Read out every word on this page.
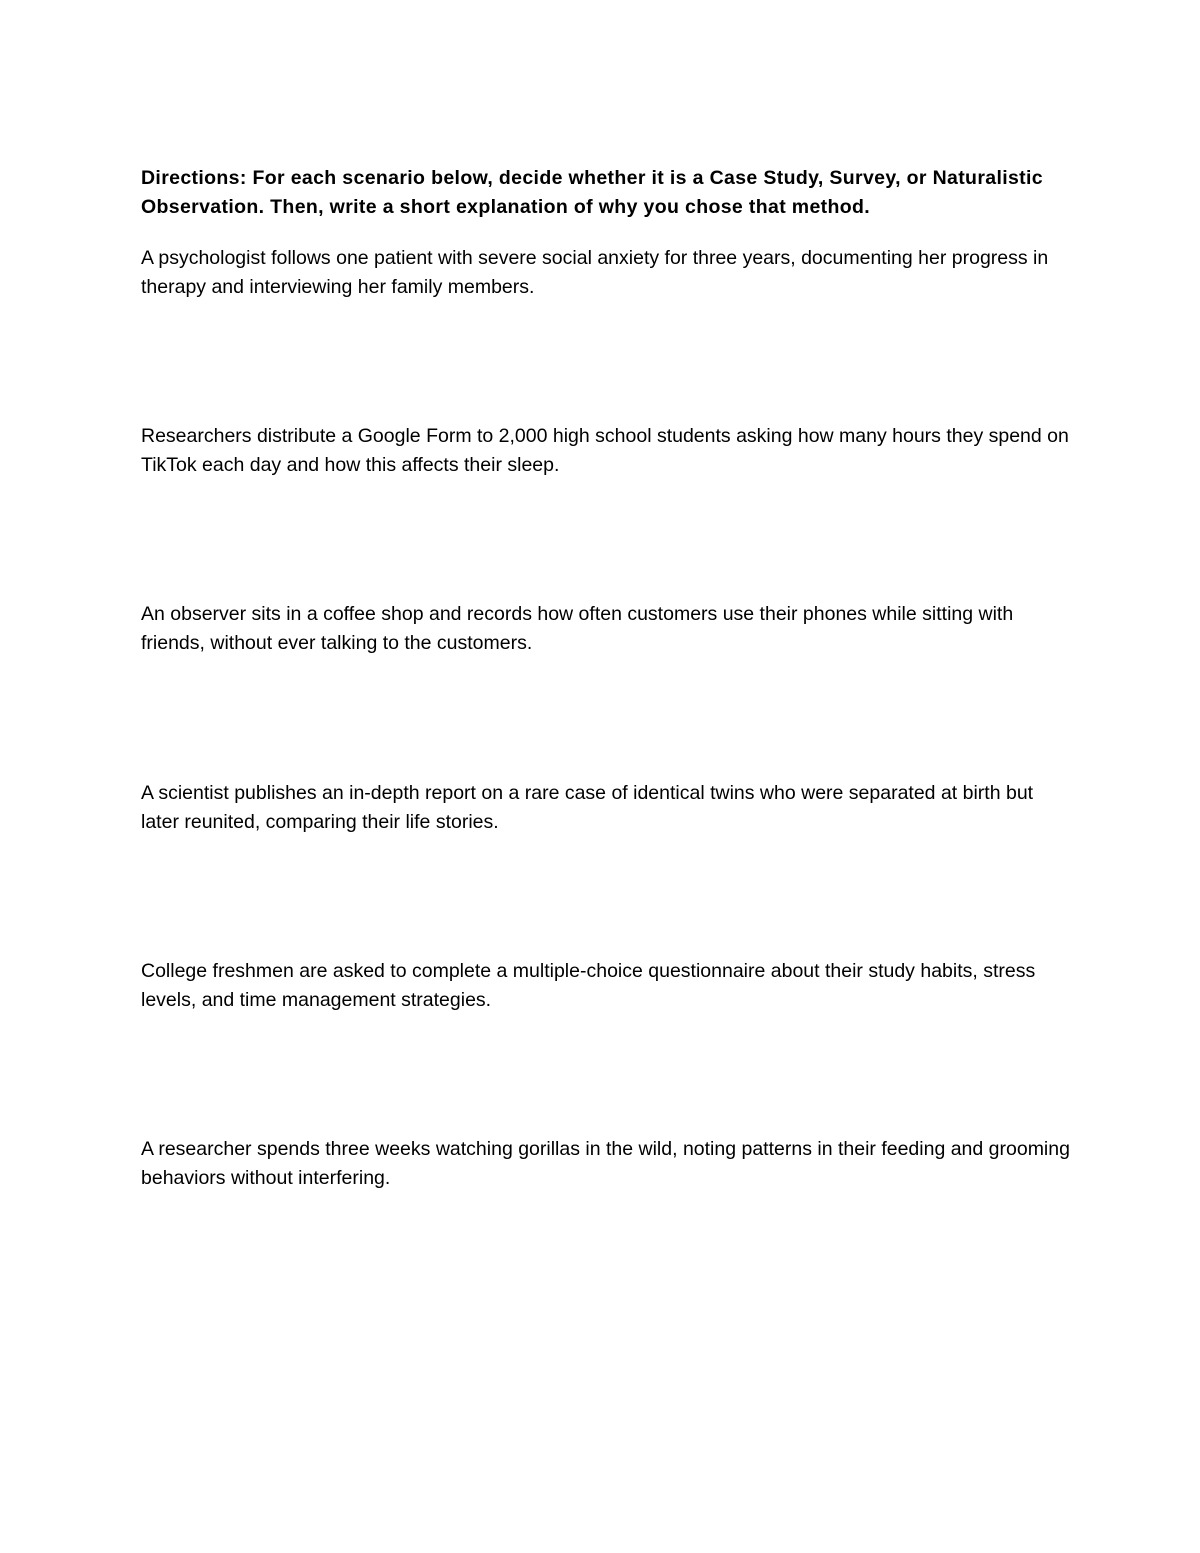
Directions: For each scenario below, decide whether it is a Case Study, Survey, or Naturalistic Observation. Then, write a short explanation of why you chose that method.

A psychologist follows one patient with severe social anxiety for three years, documenting her progress in therapy and interviewing her family members.

Researchers distribute a Google Form to 2,000 high school students asking how many hours they spend on TikTok each day and how this affects their sleep.

An observer sits in a coffee shop and records how often customers use their phones while sitting with friends, without ever talking to the customers.

A scientist publishes an in-depth report on a rare case of identical twins who were separated at birth but later reunited, comparing their life stories.

College freshmen are asked to complete a multiple-choice questionnaire about their study habits, stress levels, and time management strategies.

A researcher spends three weeks watching gorillas in the wild, noting patterns in their feeding and grooming behaviors without interfering.
